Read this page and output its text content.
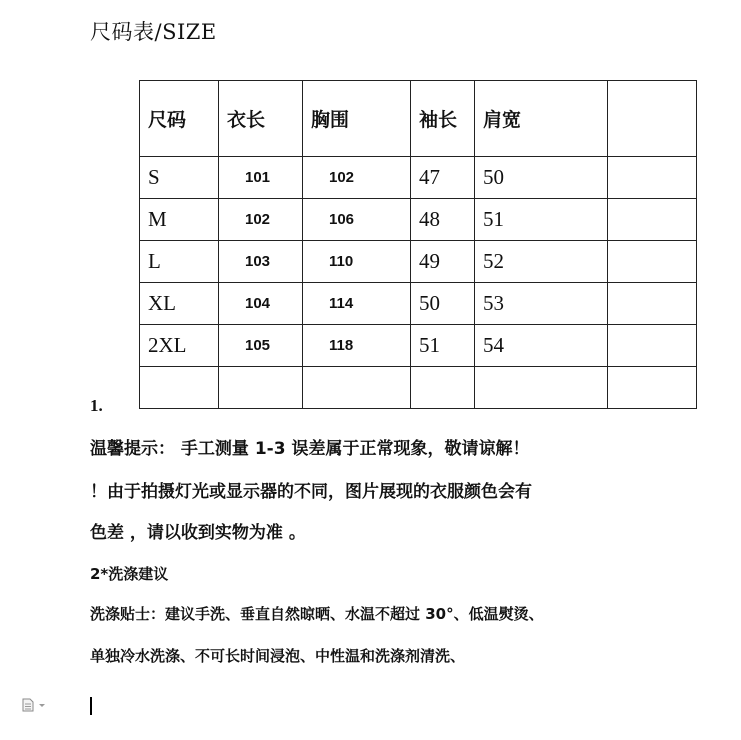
尺码表/SIZE
尺码	衣长	胸围	袖长	肩宽	
S	101	102	47	50	
M	102	106	48	51	
L	103	110	49	52	
XL	104	114	50	53	
2XL	105	118	51	54	

1.
温馨提示： 手工测量 1-3 误差属于正常现象，敬请谅解！
！由于拍摄灯光或显示器的不同，图片展现的衣服颜色会有
色差 ，请以收到实物为准 。
2*洗涤建议
洗涤贴士：建议手洗、垂直自然晾晒、水温不超过 30°、低温熨烫、
单独冷水洗涤、不可长时间浸泡、中性温和洗涤剂清洗、
